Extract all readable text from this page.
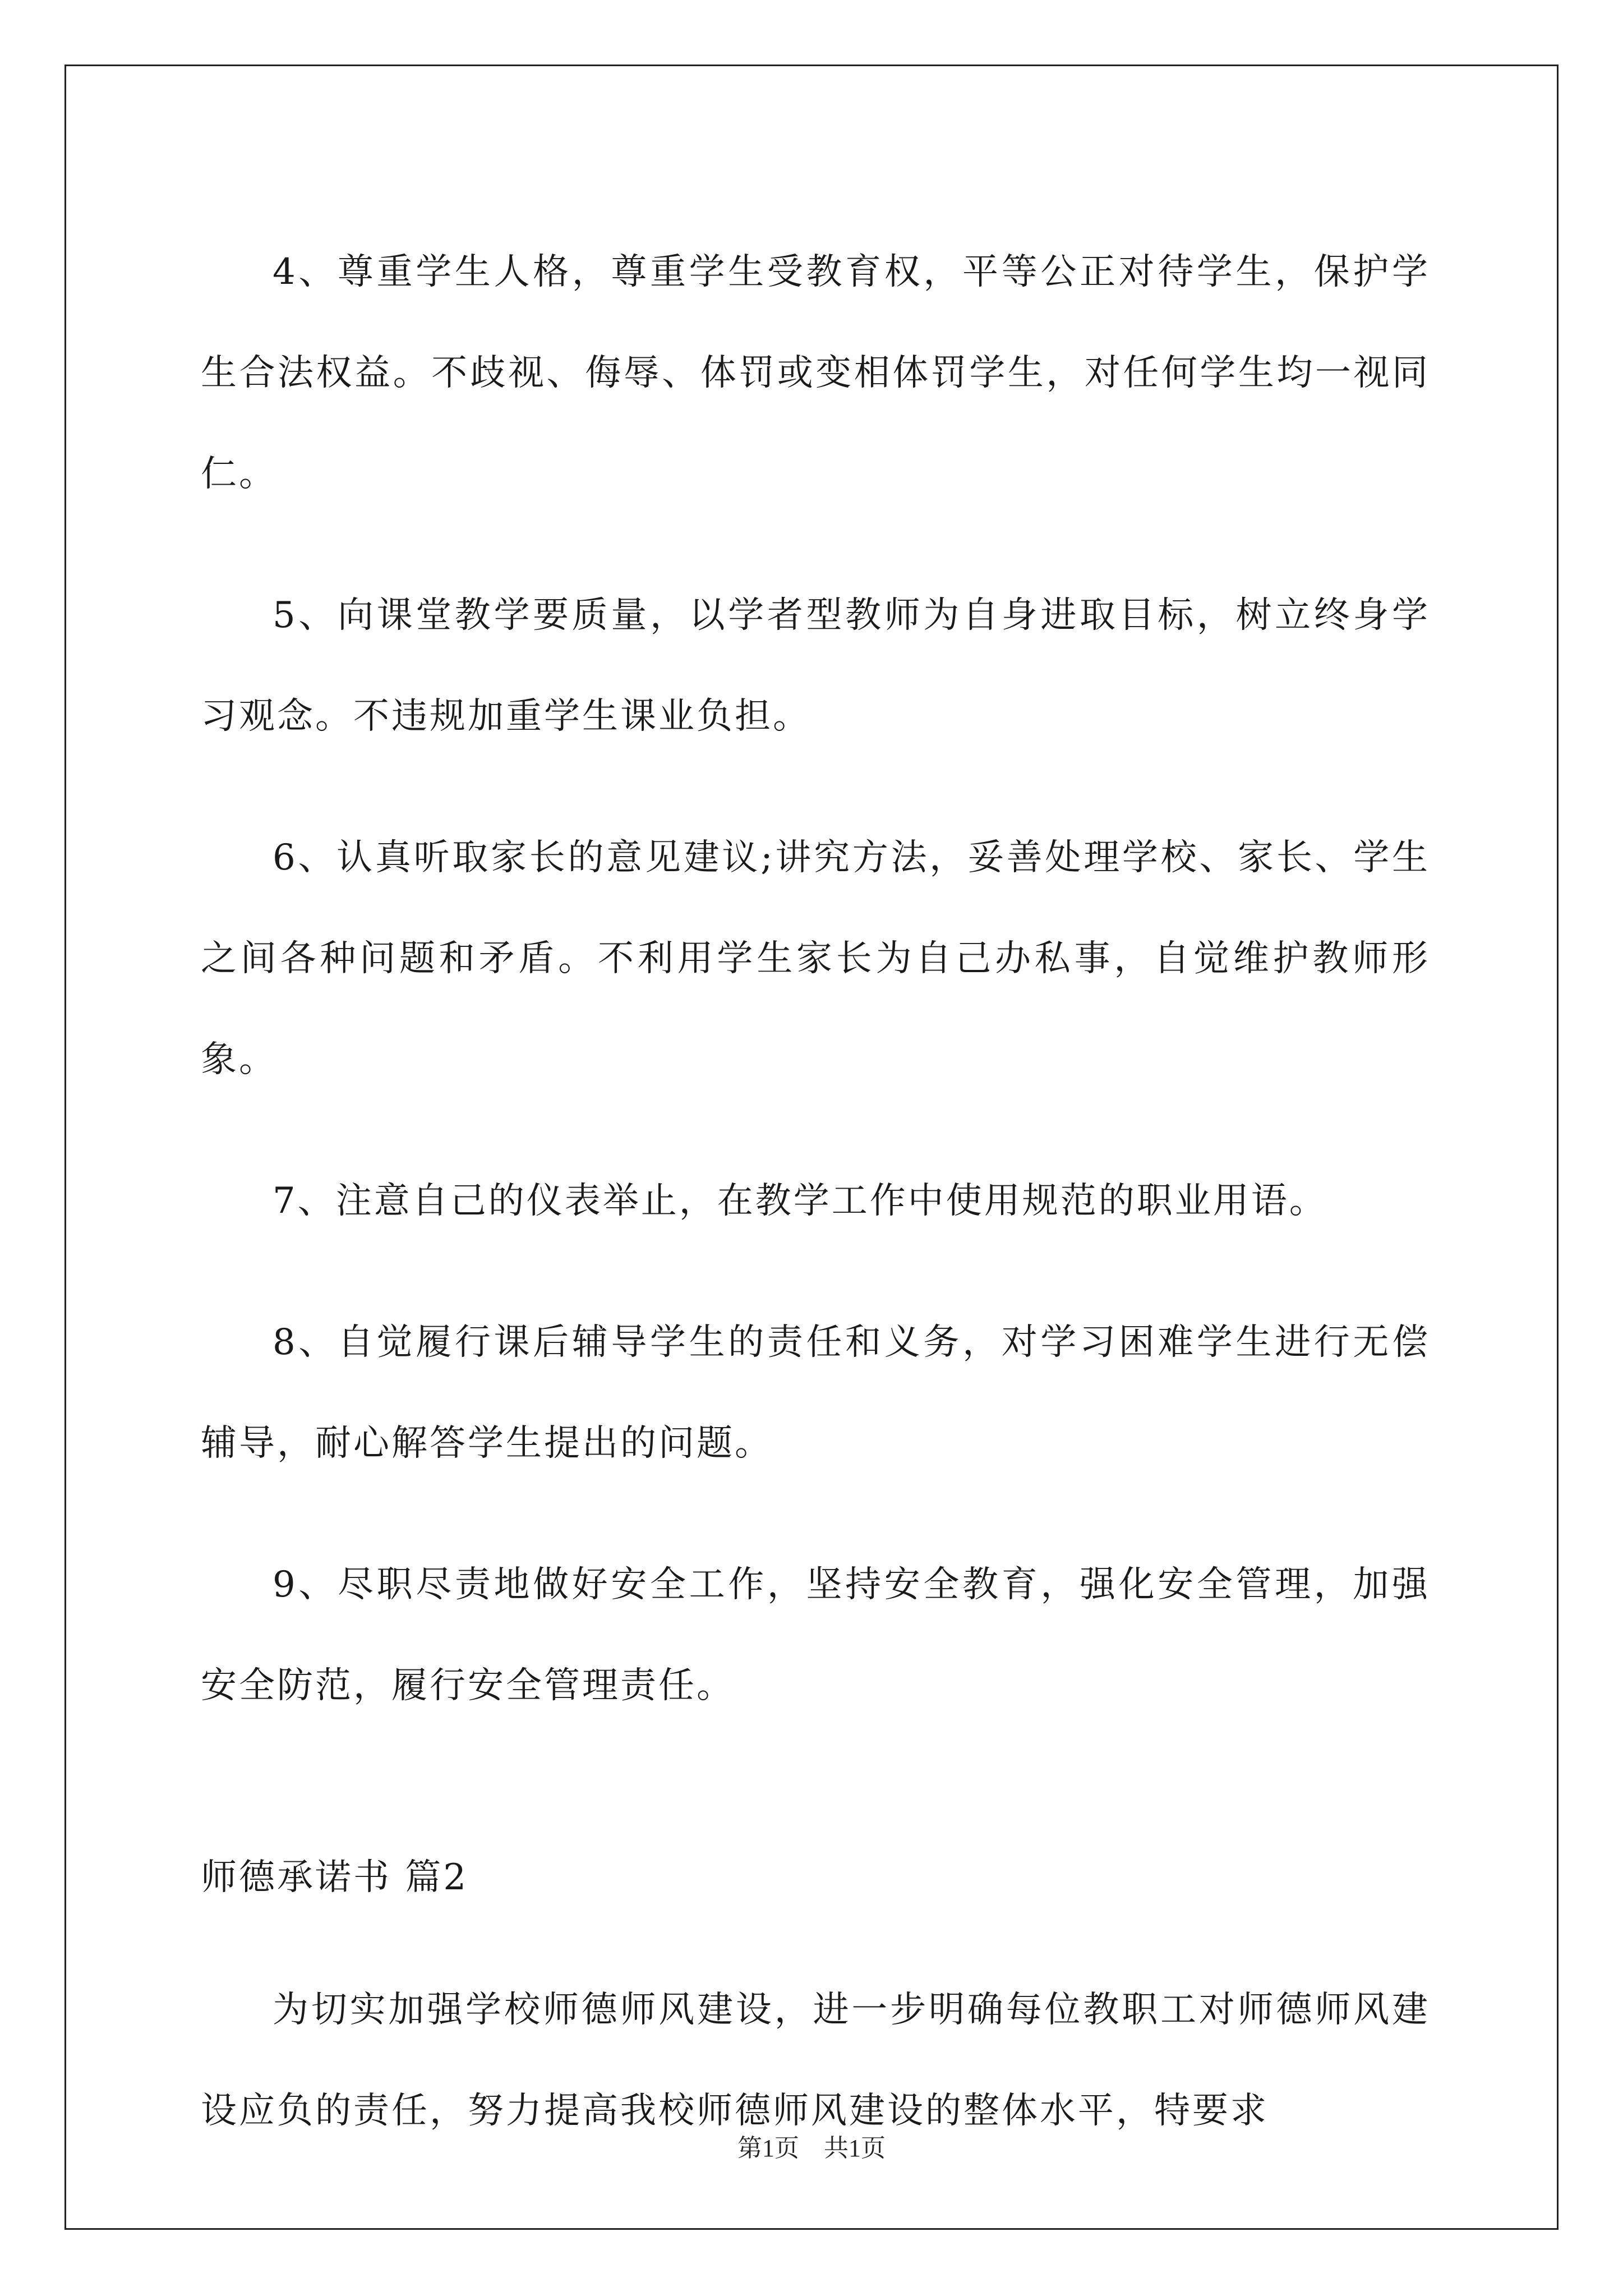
4、尊重学生人格，尊重学生受教育权，平等公正对待学生，保护学生合法权益。不歧视、侮辱、体罚或变相体罚学生，对任何学生均一视同仁。

5、向课堂教学要质量，以学者型教师为自身进取目标，树立终身学习观念。不违规加重学生课业负担。

6、认真听取家长的意见建议;讲究方法，妥善处理学校、家长、学生之间各种问题和矛盾。不利用学生家长为自己办私事，自觉维护教师形象。

7、注意自己的仪表举止，在教学工作中使用规范的职业用语。

8、自觉履行课后辅导学生的责任和义务，对学习困难学生进行无偿辅导，耐心解答学生提出的问题。

9、尽职尽责地做好安全工作，坚持安全教育，强化安全管理，加强安全防范，履行安全管理责任。

师德承诺书 篇2

为切实加强学校师德师风建设，进一步明确每位教职工对师德师风建设应负的责任，努力提高我校师德师风建设的整体水平，特要求

第1页　共1页
